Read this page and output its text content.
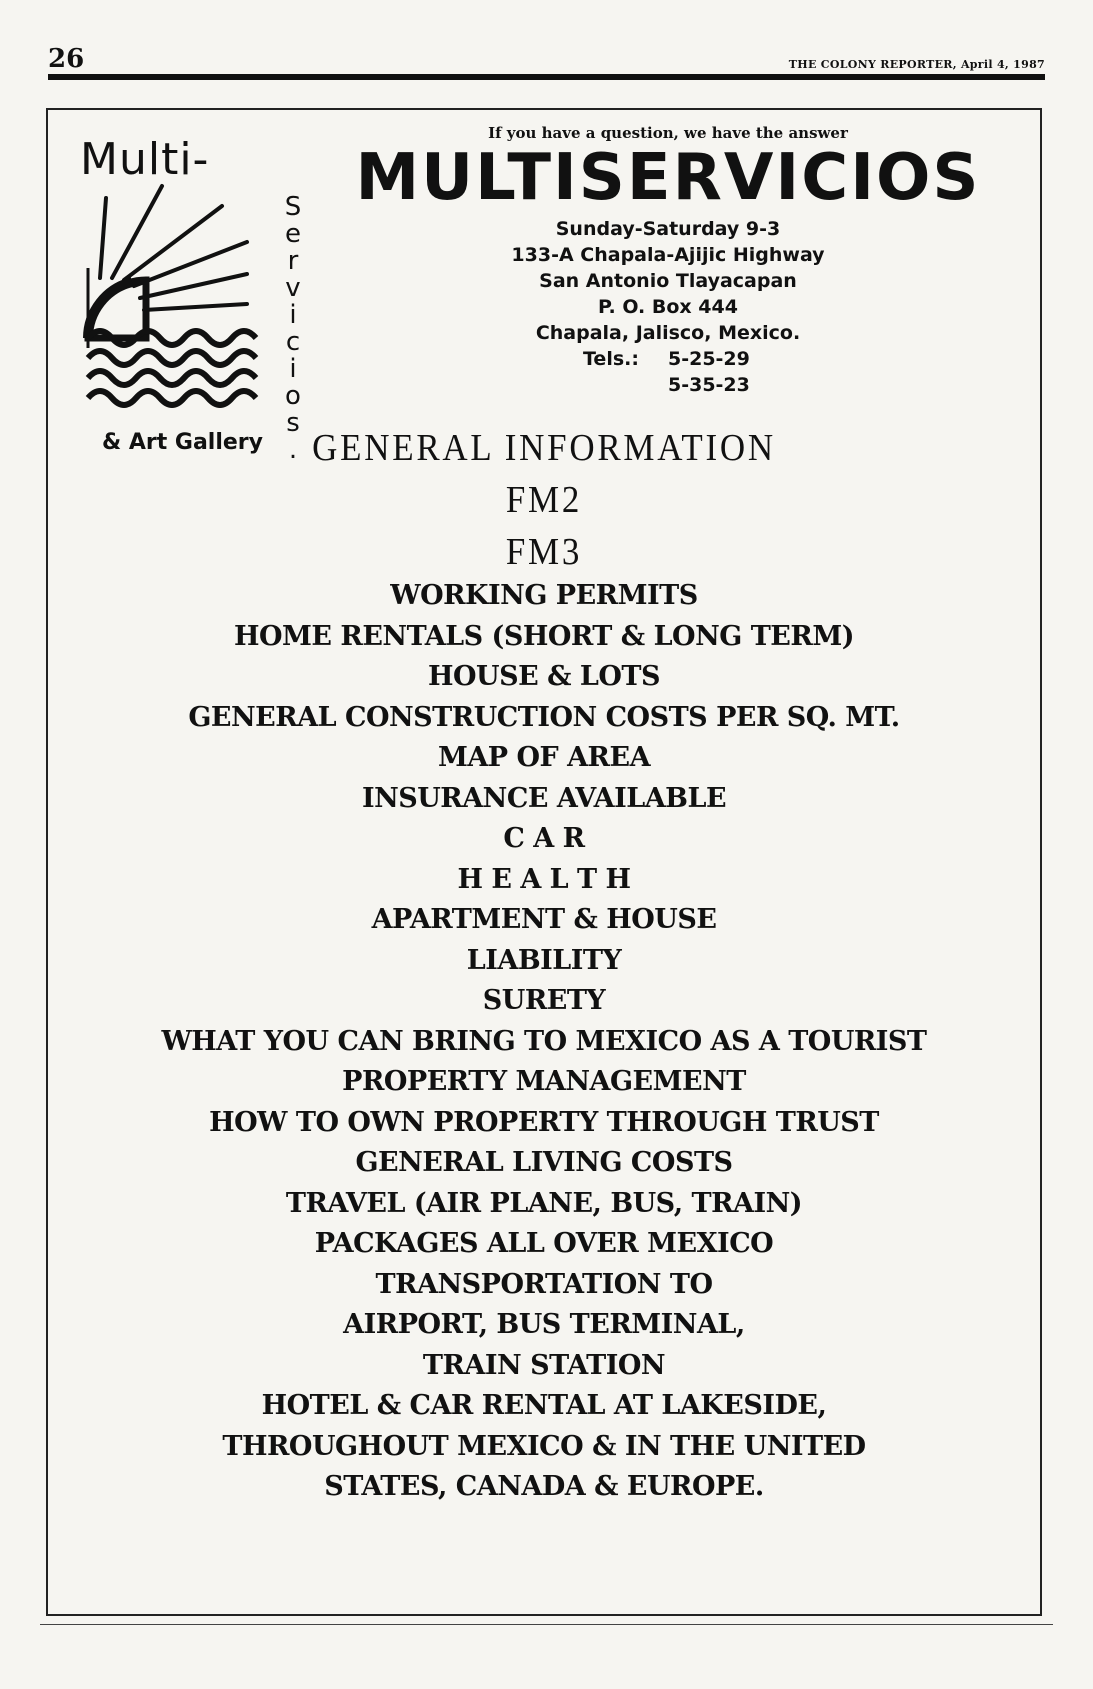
26	THE COLONY REPORTER, April 4, 1987
Multi-
S
e
r
v
i
c
i
o
s
.
& Art Gallery
If you have a question, we have the answer
MULTISERVICIOS
Sunday-Saturday 9-3
133-A Chapala-Ajijic Highway
San Antonio Tlayacapan
P. O. Box 444
Chapala, Jalisco, Mexico.
Tels.: 5-25-29
5-35-23
GENERAL INFORMATION
FM2
FM3
WORKING PERMITS
HOME RENTALS (SHORT & LONG TERM)
HOUSE & LOTS
GENERAL CONSTRUCTION COSTS PER SQ. MT.
MAP OF AREA
INSURANCE AVAILABLE
C A R
H E A L T H
APARTMENT & HOUSE
LIABILITY
SURETY
WHAT YOU CAN BRING TO MEXICO AS A TOURIST
PROPERTY MANAGEMENT
HOW TO OWN PROPERTY THROUGH TRUST
GENERAL LIVING COSTS
TRAVEL (AIR PLANE, BUS, TRAIN)
PACKAGES ALL OVER MEXICO
TRANSPORTATION TO
AIRPORT, BUS TERMINAL,
TRAIN STATION
HOTEL & CAR RENTAL AT LAKESIDE,
THROUGHOUT MEXICO & IN THE UNITED
STATES, CANADA & EUROPE.
